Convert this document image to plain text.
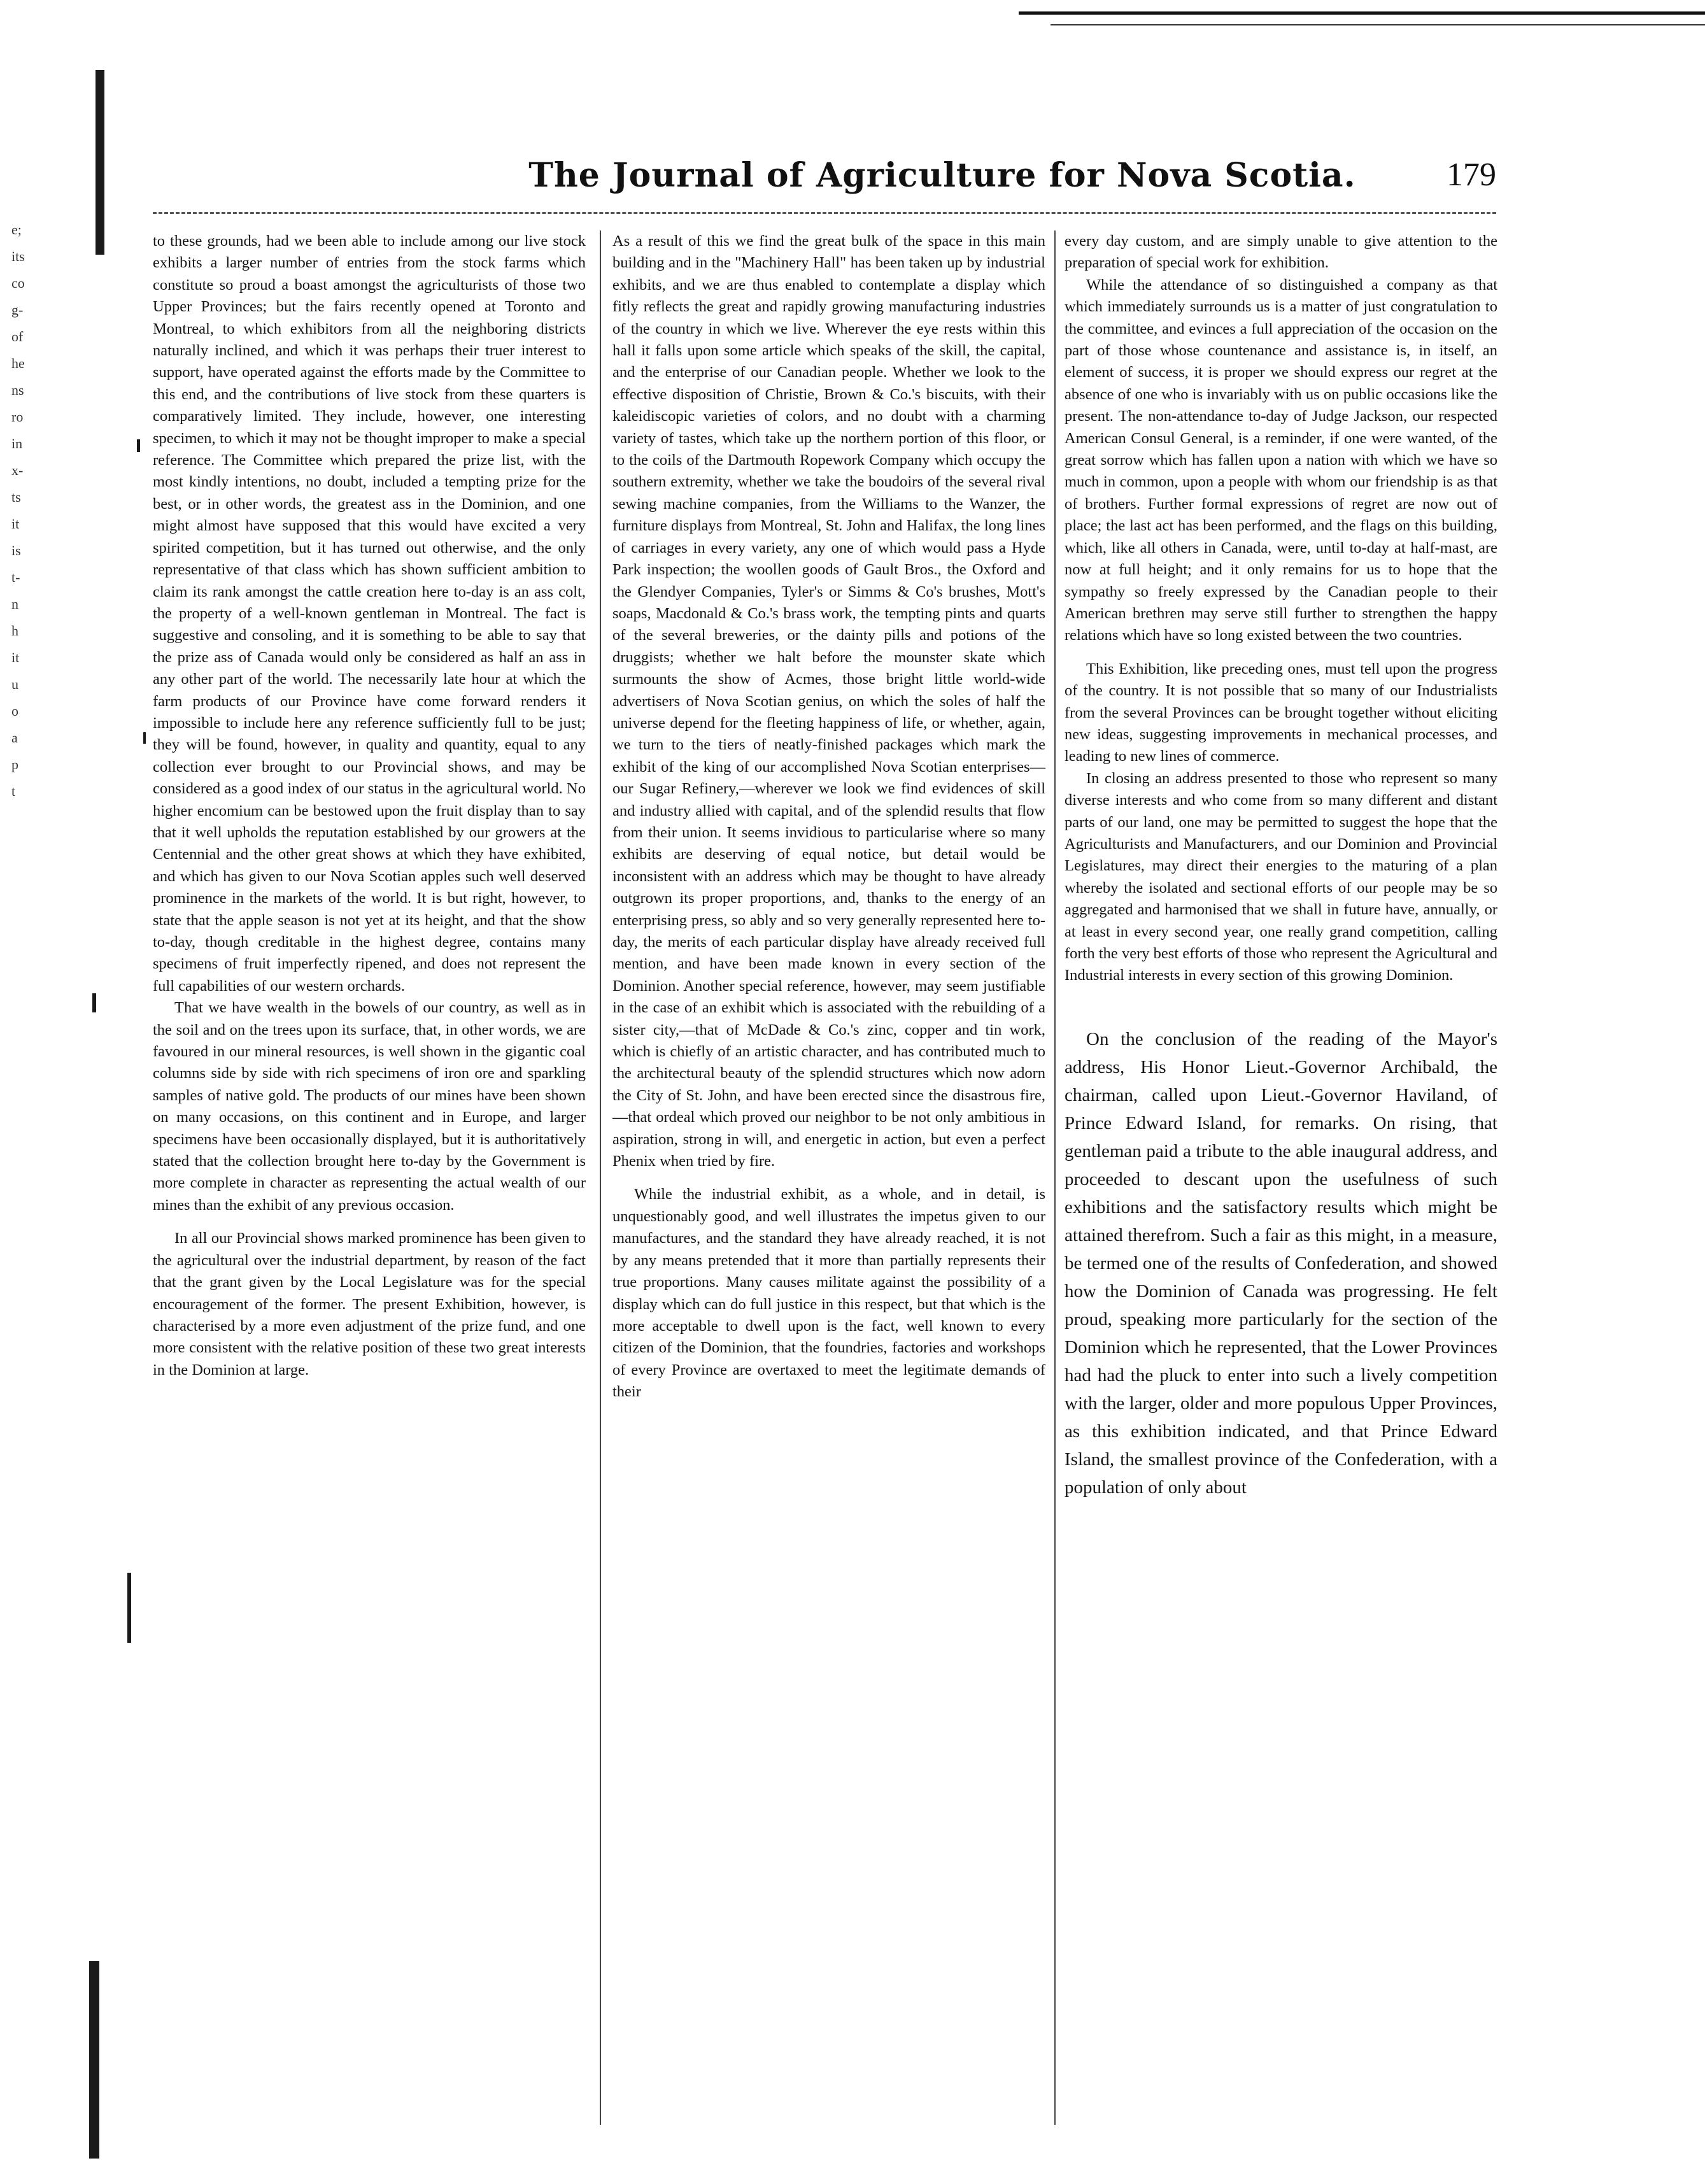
e;
its
co
g-
of
he
ns
ro
in
x-
ts
it
is
t-
n
h
it
u
o
a
p
t
The Journal of Agriculture for Nova Scotia.	179

to these grounds, had we been able to include among our live stock exhibits a larger number of entries from the stock farms which constitute so proud a boast amongst the agriculturists of those two Upper Provinces; but the fairs recently opened at Toronto and Montreal, to which exhibitors from all the neighboring districts naturally inclined, and which it was perhaps their truer interest to support, have operated against the efforts made by the Committee to this end, and the contributions of live stock from these quarters is comparatively limited. They include, however, one interesting specimen, to which it may not be thought improper to make a special reference. The Committee which prepared the prize list, with the most kindly intentions, no doubt, included a tempting prize for the best, or in other words, the greatest ass in the Dominion, and one might almost have supposed that this would have excited a very spirited competition, but it has turned out otherwise, and the only representative of that class which has shown sufficient ambition to claim its rank amongst the cattle creation here to-day is an ass colt, the property of a well-known gentleman in Montreal. The fact is suggestive and consoling, and it is something to be able to say that the prize ass of Canada would only be considered as half an ass in any other part of the world. The necessarily late hour at which the farm products of our Province have come forward renders it impossible to include here any reference sufficiently full to be just; they will be found, however, in quality and quantity, equal to any collection ever brought to our Provincial shows, and may be considered as a good index of our status in the agricultural world. No higher encomium can be bestowed upon the fruit display than to say that it well upholds the reputation established by our growers at the Centennial and the other great shows at which they have exhibited, and which has given to our Nova Scotian apples such well deserved prominence in the markets of the world. It is but right, however, to state that the apple season is not yet at its height, and that the show to-day, though creditable in the highest degree, contains many specimens of fruit imperfectly ripened, and does not represent the full capabilities of our western orchards.

That we have wealth in the bowels of our country, as well as in the soil and on the trees upon its surface, that, in other words, we are favoured in our mineral resources, is well shown in the gigantic coal columns side by side with rich specimens of iron ore and sparkling samples of native gold. The products of our mines have been shown on many occasions, on this continent and in Europe, and larger specimens have been occasionally displayed, but it is authoritatively stated that the collection brought here to-day by the Government is more complete in character as representing the actual wealth of our mines than the exhibit of any previous occasion.

In all our Provincial shows marked prominence has been given to the agricultural over the industrial department, by reason of the fact that the grant given by the Local Legislature was for the special encouragement of the former. The present Exhibition, however, is characterised by a more even adjustment of the prize fund, and one more consistent with the relative position of these two great interests in the Dominion at large.

As a result of this we find the great bulk of the space in this main building and in the "Machinery Hall" has been taken up by industrial exhibits, and we are thus enabled to contemplate a display which fitly reflects the great and rapidly growing manufacturing industries of the country in which we live. Wherever the eye rests within this hall it falls upon some article which speaks of the skill, the capital, and the enterprise of our Canadian people. Whether we look to the effective disposition of Christie, Brown & Co.'s biscuits, with their kaleidiscopic varieties of colors, and no doubt with a charming variety of tastes, which take up the northern portion of this floor, or to the coils of the Dartmouth Ropework Company which occupy the southern extremity, whether we take the boudoirs of the several rival sewing machine companies, from the Williams to the Wanzer, the furniture displays from Montreal, St. John and Halifax, the long lines of carriages in every variety, any one of which would pass a Hyde Park inspection; the woollen goods of Gault Bros., the Oxford and the Glendyer Companies, Tyler's or Simms & Co's brushes, Mott's soaps, Macdonald & Co.'s brass work, the tempting pints and quarts of the several breweries, or the dainty pills and potions of the druggists; whether we halt before the mounster skate which surmounts the show of Acmes, those bright little world-wide advertisers of Nova Scotian genius, on which the soles of half the universe depend for the fleeting happiness of life, or whether, again, we turn to the tiers of neatly-finished packages which mark the exhibit of the king of our accomplished Nova Scotian enterprises—our Sugar Refinery,—wherever we look we find evidences of skill and industry allied with capital, and of the splendid results that flow from their union. It seems invidious to particularise where so many exhibits are deserving of equal notice, but detail would be inconsistent with an address which may be thought to have already outgrown its proper proportions, and, thanks to the energy of an enterprising press, so ably and so very generally represented here to-day, the merits of each particular display have already received full mention, and have been made known in every section of the Dominion. Another special reference, however, may seem justifiable in the case of an exhibit which is associated with the rebuilding of a sister city,—that of McDade & Co.'s zinc, copper and tin work, which is chiefly of an artistic character, and has contributed much to the architectural beauty of the splendid structures which now adorn the City of St. John, and have been erected since the disastrous fire,—that ordeal which proved our neighbor to be not only ambitious in aspiration, strong in will, and energetic in action, but even a perfect Phenix when tried by fire.

While the industrial exhibit, as a whole, and in detail, is unquestionably good, and well illustrates the impetus given to our manufactures, and the standard they have already reached, it is not by any means pretended that it more than partially represents their true proportions. Many causes militate against the possibility of a display which can do full justice in this respect, but that which is the more acceptable to dwell upon is the fact, well known to every citizen of the Dominion, that the foundries, factories and workshops of every Province are overtaxed to meet the legitimate demands of their

every day custom, and are simply unable to give attention to the preparation of special work for exhibition.

While the attendance of so distinguished a company as that which immediately surrounds us is a matter of just congratulation to the committee, and evinces a full appreciation of the occasion on the part of those whose countenance and assistance is, in itself, an element of success, it is proper we should express our regret at the absence of one who is invariably with us on public occasions like the present. The non-attendance to-day of Judge Jackson, our respected American Consul General, is a reminder, if one were wanted, of the great sorrow which has fallen upon a nation with which we have so much in common, upon a people with whom our friendship is as that of brothers. Further formal expressions of regret are now out of place; the last act has been performed, and the flags on this building, which, like all others in Canada, were, until to-day at half-mast, are now at full height; and it only remains for us to hope that the sympathy so freely expressed by the Canadian people to their American brethren may serve still further to strengthen the happy relations which have so long existed between the two countries.

This Exhibition, like preceding ones, must tell upon the progress of the country. It is not possible that so many of our Industrialists from the several Provinces can be brought together without eliciting new ideas, suggesting improvements in mechanical processes, and leading to new lines of commerce.

In closing an address presented to those who represent so many diverse interests and who come from so many different and distant parts of our land, one may be permitted to suggest the hope that the Agriculturists and Manufacturers, and our Dominion and Provincial Legislatures, may direct their energies to the maturing of a plan whereby the isolated and sectional efforts of our people may be so aggregated and harmonised that we shall in future have, annually, or at least in every second year, one really grand competition, calling forth the very best efforts of those who represent the Agricultural and Industrial interests in every section of this growing Dominion.

On the conclusion of the reading of the Mayor's address, His Honor Lieut.-Governor Archibald, the chairman, called upon Lieut.-Governor Haviland, of Prince Edward Island, for remarks. On rising, that gentleman paid a tribute to the able inaugural address, and proceeded to descant upon the usefulness of such exhibitions and the satisfactory results which might be attained therefrom. Such a fair as this might, in a measure, be termed one of the results of Confederation, and showed how the Dominion of Canada was progressing. He felt proud, speaking more particularly for the section of the Dominion which he represented, that the Lower Provinces had had the pluck to enter into such a lively competition with the larger, older and more populous Upper Provinces, as this exhibition indicated, and that Prince Edward Island, the smallest province of the Confederation, with a population of only about
